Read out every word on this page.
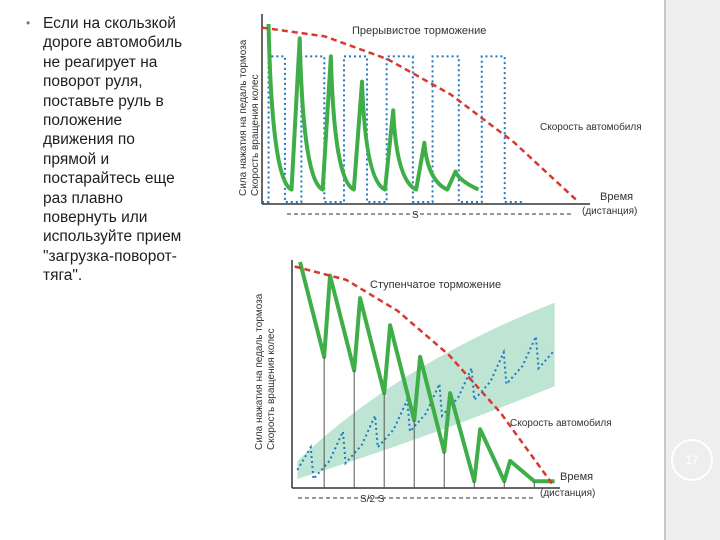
• Если на скользкой
дороге автомобиль
не реагирует на
поворот руля,
поставьте руль в
положение
движения по
прямой и
постарайтесь еще
раз плавно
повернуть или
используйте прием
"загрузка-поворот-
тяга".
Прерывистое торможение
Скорость автомобиля
Время
(дистанция)
S
Сила нажатия на педаль тормоза Скорость вращения колес
Ступенчатое торможение
Скорость автомобиля
Время
(дистанция)
S/2 S
Сила нажатия на педаль тормоза Скорость вращения колес
17
